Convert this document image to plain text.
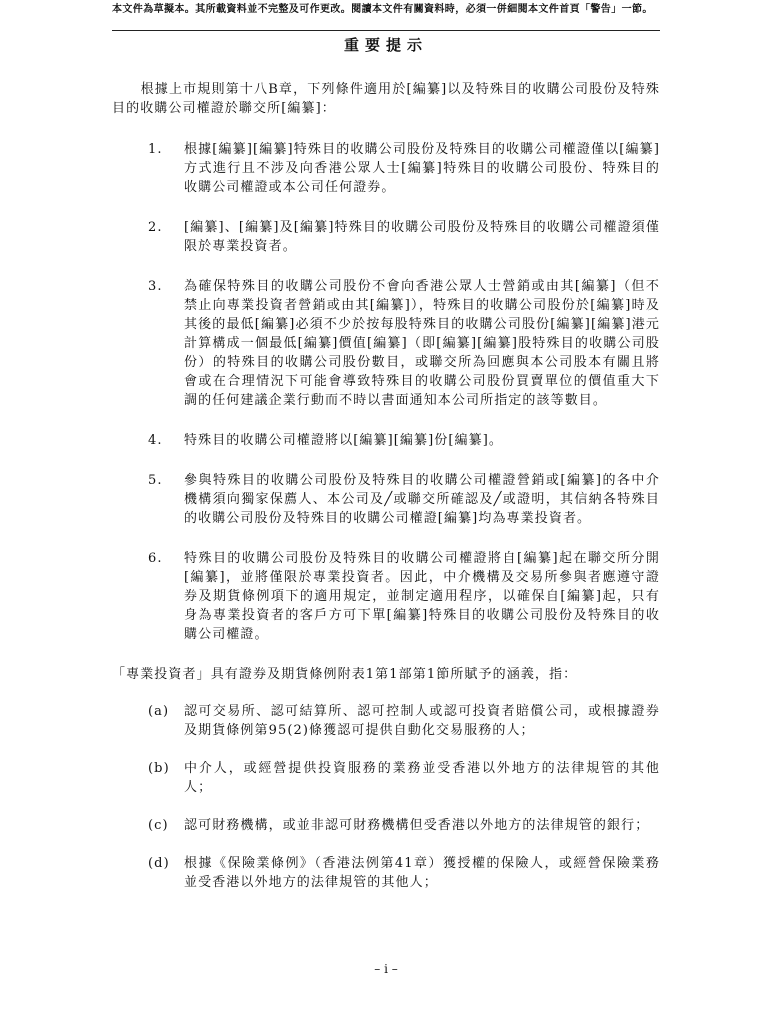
本文件為草擬本。其所載資料並不完整及可作更改。閱讀本文件有關資料時，必須一併細閱本文件首頁「警告」一節。
重要提示

根據上市規則第十八B章，下列條件適用於[編纂]以及特殊目的收購公司股份及特殊目的收購公司權證於聯交所[編纂]：

1.	根據[編纂][編纂]特殊目的收購公司股份及特殊目的收購公司權證僅以[編纂]方式進行且不涉及向香港公眾人士[編纂]特殊目的收購公司股份、特殊目的收購公司權證或本公司任何證券。
2.	[編纂]、[編纂]及[編纂]特殊目的收購公司股份及特殊目的收購公司權證須僅限於專業投資者。
3.	為確保特殊目的收購公司股份不會向香港公眾人士營銷或由其[編纂]（但不禁止向專業投資者營銷或由其[編纂]），特殊目的收購公司股份於[編纂]時及其後的最低[編纂]必須不少於按每股特殊目的收購公司股份[編纂][編纂]港元計算構成一個最低[編纂]價值[編纂]（即[編纂][編纂]股特殊目的收購公司股份）的特殊目的收購公司股份數目，或聯交所為回應與本公司股本有關且將會或在合理情況下可能會導致特殊目的收購公司股份買賣單位的價值重大下調的任何建議企業行動而不時以書面通知本公司所指定的該等數目。
4.	特殊目的收購公司權證將以[編纂][編纂]份[編纂]。
5.	參與特殊目的收購公司股份及特殊目的收購公司權證營銷或[編纂]的各中介機構須向獨家保薦人、本公司及╱或聯交所確認及╱或證明，其信納各特殊目的收購公司股份及特殊目的收購公司權證[編纂]均為專業投資者。
6.	特殊目的收購公司股份及特殊目的收購公司權證將自[編纂]起在聯交所分開[編纂]，並將僅限於專業投資者。因此，中介機構及交易所參與者應遵守證券及期貨條例項下的適用規定，並制定適用程序，以確保自[編纂]起，只有身為專業投資者的客戶方可下單[編纂]特殊目的收購公司股份及特殊目的收購公司權證。

「專業投資者」具有證券及期貨條例附表1第1部第1節所賦予的涵義，指：

(a)	認可交易所、認可結算所、認可控制人或認可投資者賠償公司，或根據證券及期貨條例第95(2)條獲認可提供自動化交易服務的人；
(b)	中介人，或經營提供投資服務的業務並受香港以外地方的法律規管的其他人；
(c)	認可財務機構，或並非認可財務機構但受香港以外地方的法律規管的銀行；
(d)	根據《保險業條例》（香港法例第41章）獲授權的保險人，或經營保險業務並受香港以外地方的法律規管的其他人；
– i –
